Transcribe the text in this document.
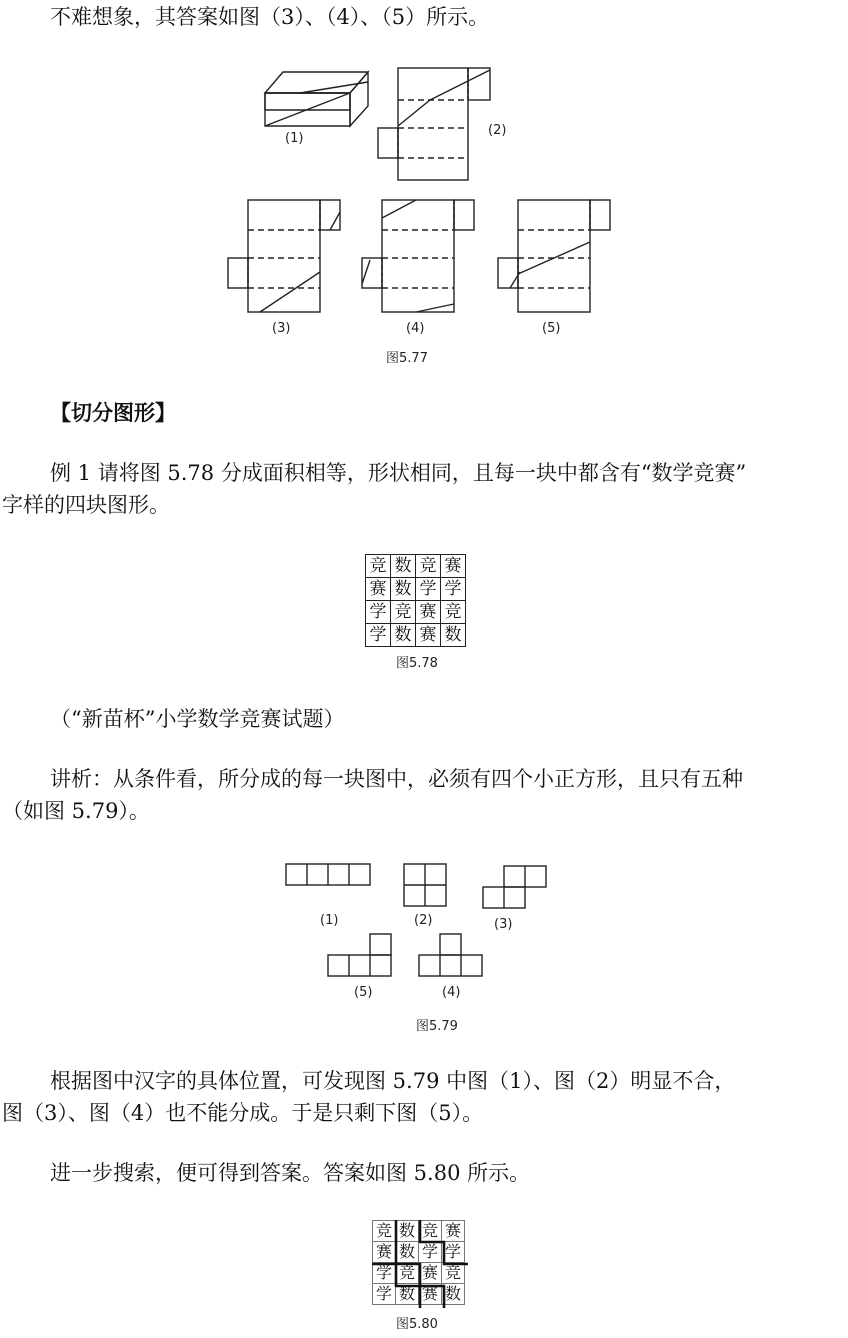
不难想象，其答案如图（3）、（4）、（5）所示。
(1)
(2)
(3)	(4)	(5)
图5.77
【切分图形】
例 1 请将图 5.78 分成面积相等，形状相同，且每一块中都含有“数学竞赛”
字样的四块图形。
竞	数	竞	赛
赛	数	学	学
学	竞	赛	竞
学	数	赛	数
图5.78
（“新苗杯”小学数学竞赛试题）
讲析：从条件看，所分成的每一块图中，必须有四个小正方形，且只有五种
（如图 5.79）。
(1)	(2)	(3)
(5)	(4)
图5.79
根据图中汉字的具体位置，可发现图 5.79 中图（1）、图（2）明显不合，
图（3）、图（4）也不能分成。于是只剩下图（5）。
进一步搜索，便可得到答案。答案如图 5.80 所示。
竞	数	竞	赛
赛	数	学	学
学	竞	赛	竞
学	数	赛	数
图5.80
